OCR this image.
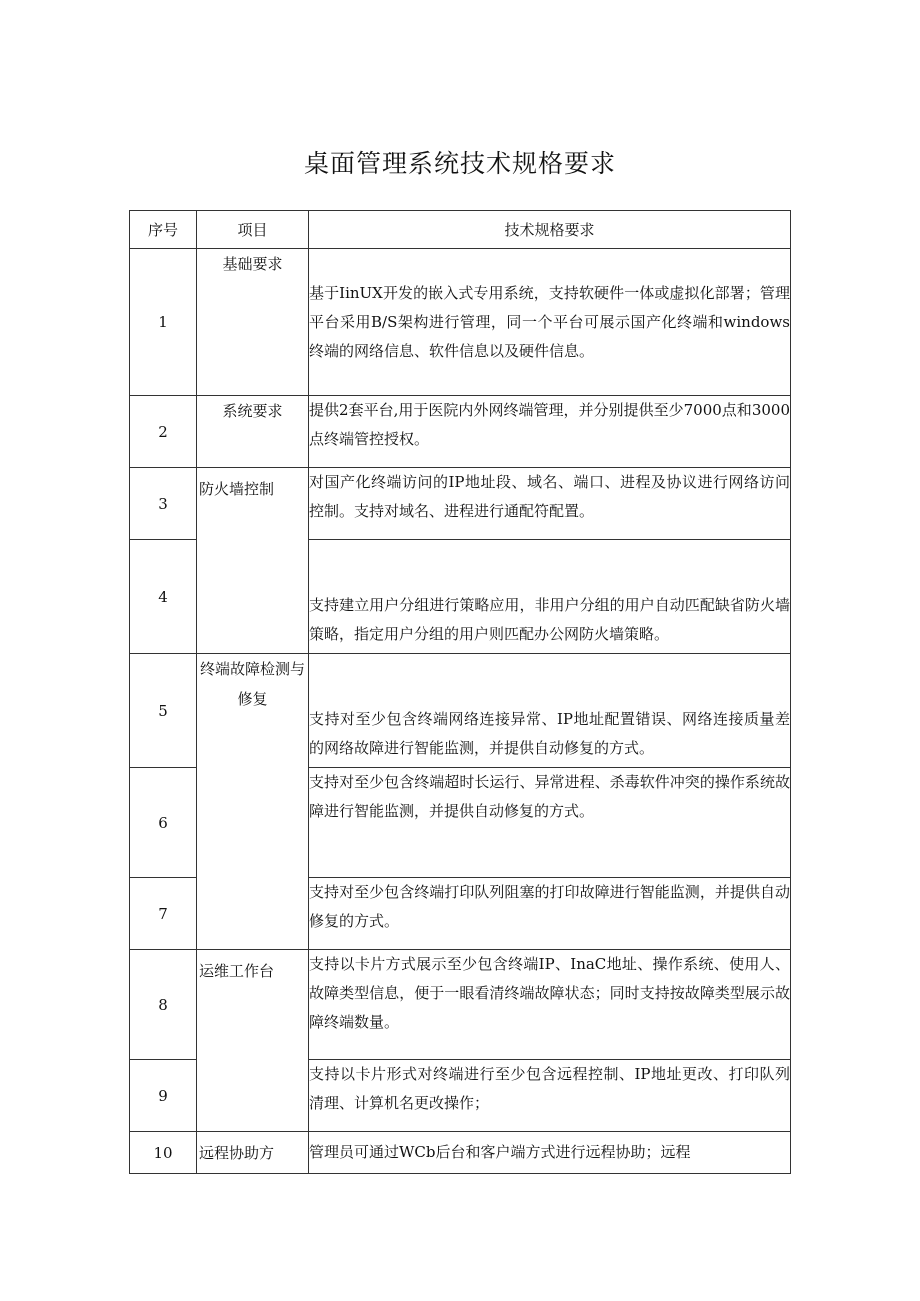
桌面管理系统技术规格要求
序号	项目	技术规格要求
1	基础要求	基于IinUX开发的嵌入式专用系统，支持软硬件一体或虚拟化部署；管理平台采用B/S架构进行管理，同一个平台可展示国产化终端和windows终端的网络信息、软件信息以及硬件信息。
2	系统要求	提供2套平台,用于医院内外网终端管理，并分别提供至少7000点和3000点终端管控授权。
3	防火墙控制	对国产化终端访问的IP地址段、域名、端口、进程及协议进行网络访问控制。支持对域名、进程进行通配符配置。
4		支持建立用户分组进行策略应用，非用户分组的用户自动匹配缺省防火墙策略，指定用户分组的用户则匹配办公网防火墙策略。
5	终端故障检测与修复	支持对至少包含终端网络连接异常、IP地址配置错误、网络连接质量差的网络故障进行智能监测，并提供自动修复的方式。
6		支持对至少包含终端超时长运行、异常进程、杀毒软件冲突的操作系统故障进行智能监测，并提供自动修复的方式。
7		支持对至少包含终端打印队列阻塞的打印故障进行智能监测，并提供自动修复的方式。
8	运维工作台	支持以卡片方式展示至少包含终端IP、InaC地址、操作系统、使用人、故障类型信息，便于一眼看清终端故障状态；同时支持按故障类型展示故障终端数量。
9		支持以卡片形式对终端进行至少包含远程控制、IP地址更改、打印队列清理、计算机名更改操作；
10	远程协助方	管理员可通过WCb后台和客户端方式进行远程协助；远程
